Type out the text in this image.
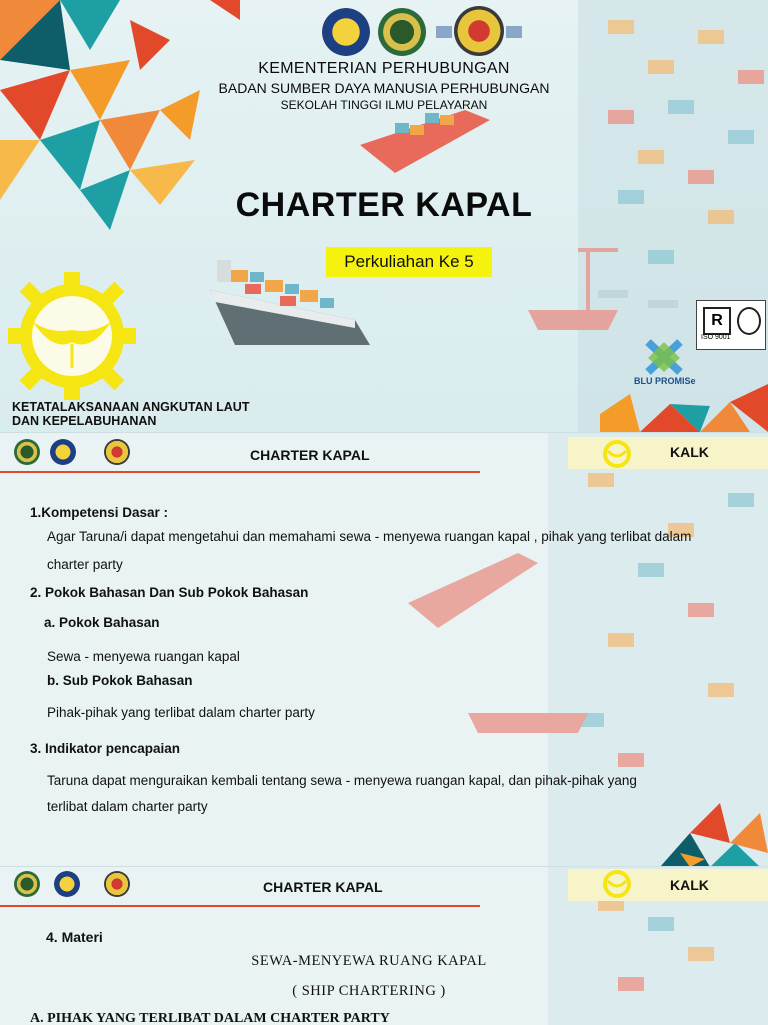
KEMENTERIAN PERHUBUNGAN
BADAN SUMBER DAYA MANUSIA PERHUBUNGAN
SEKOLAH TINGGI ILMU PELAYARAN
CHARTER KAPAL
Perkuliahan Ke 5
KETATALAKSANAAN ANGKUTAN LAUT
DAN KEPELABUHANAN
R
ISO 9001
BLU PROMISe
CHARTER KAPAL	KALK
1.Kompetensi Dasar :
Agar Taruna/i dapat mengetahui dan memahami sewa - menyewa ruangan kapal , pihak yang terlibat dalam
charter party
2. Pokok Bahasan Dan Sub Pokok Bahasan
a. Pokok Bahasan
Sewa - menyewa ruangan kapal
b. Sub Pokok Bahasan
Pihak-pihak yang terlibat dalam charter party
3. Indikator pencapaian
Taruna dapat menguraikan kembali tentang sewa - menyewa ruangan kapal, dan pihak-pihak yang
terlibat dalam charter party
CHARTER KAPAL	KALK
4. Materi
SEWA-MENYEWA RUANG KAPAL
( SHIP CHARTERING )
A. PIHAK YANG TERLIBAT DALAM CHARTER PARTY
